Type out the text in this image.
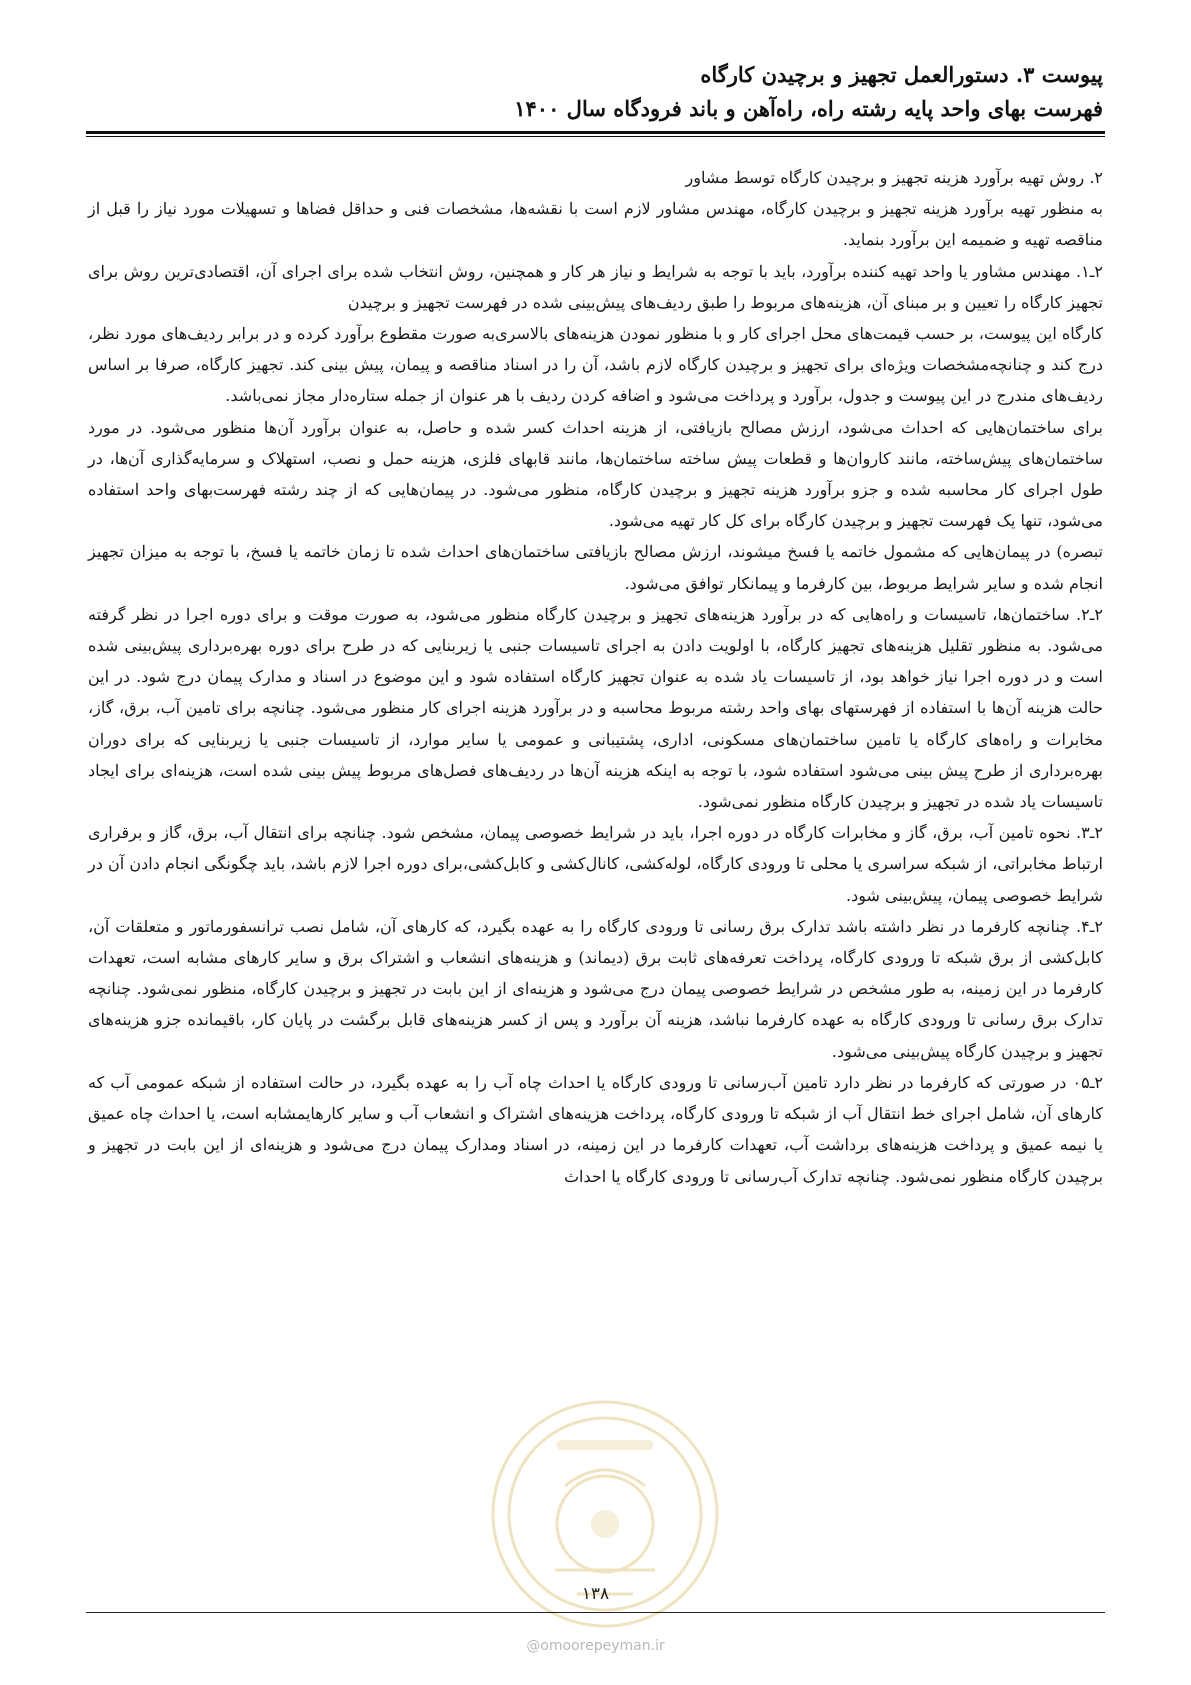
پیوست ۳. دستورالعمل تجهیز و برچیدن کارگاه
فهرست بهای واحد پایه رشته راه، راه‌آهن و باند فرودگاه سال ۱۴۰۰

۲. روش تهیه برآورد هزینه تجهیز و برچیدن کارگاه توسط مشاور

به منظور تهیه برآورد هزینه تجهیز و برچیدن کارگاه، مهندس مشاور لازم است با نقشه‌ها، مشخصات فنی و حداقل فضاها و تسهیلات مورد نیاز را قبل از مناقصه تهیه و ضمیمه این برآورد بنماید.

۲ـ۱. مهندس مشاور یا واحد تهیه کننده برآورد، باید با توجه به شرایط و نیاز هر کار و همچنین، روش انتخاب شده برای اجرای آن، اقتصادی‌ترین روش برای تجهیز کارگاه را تعیین و بر مبنای آن، هزینه‌های مربوط را طبق ردیف‌های پیش‌بینی شده در فهرست تجهیز و برچیدن

کارگاه این پیوست، بر حسب قیمت‌های محل اجرای کار و با منظور نمودن هزینه‌های بالاسری‌به صورت مقطوع برآورد کرده و در برابر ردیف‌های مورد نظر، درج کند و چنانچه‌مشخصات ویژه‌ای برای تجهیز و برچیدن کارگاه لازم باشد، آن را در اسناد مناقصه و پیمان، پیش بینی کند. تجهیز کارگاه، صرفا بر اساس ردیف‌های مندرج در این پیوست و جدول، برآورد و پرداخت می‌شود و اضافه کردن ردیف با هر عنوان از جمله ستاره‌دار مجاز نمی‌باشد.

برای ساختمان‌هایی که احداث می‌شود، ارزش مصالح بازیافتی، از هزینه احداث کسر شده و حاصل، به عنوان برآورد آن‌ها منظور می‌شود. در مورد ساختمان‌های پیش‌ساخته، مانند کاروان‌ها و قطعات پیش ساخته ساختمان‌ها، مانند قابهای فلزی، هزینه حمل و نصب، استهلاک و سرمایه‌گذاری آن‌ها، در طول اجرای کار محاسبه شده و جزو برآورد هزینه تجهیز و برچیدن کارگاه، منظور می‌شود. در پیمان‌هایی که از چند رشته فهرست‌بهای واحد استفاده می‌شود، تنها یک فهرست تجهیز و برچیدن کارگاه برای کل کار تهیه می‌شود.

تبصره) در پیمان‌هایی که مشمول خاتمه یا فسخ میشوند، ارزش مصالح بازیافتی ساختمان‌های احداث شده تا زمان خاتمه یا فسخ، با توجه به میزان تجهیز انجام شده و سایر شرایط مربوط، بین کارفرما و پیمانکار توافق می‌شود.

۲ـ۲. ساختمان‌ها، تاسیسات و راه‌هایی که در برآورد هزینه‌های تجهیز و برچیدن کارگاه منظور می‌شود، به صورت موقت و برای دوره اجرا در نظر گرفته می‌شود. به منظور تقلیل هزینه‌های تجهیز کارگاه، با اولویت دادن به اجرای تاسیسات جنبی یا زیربنایی که در طرح برای دوره بهره‌برداری پیش‌بینی شده است و در دوره اجرا نیاز خواهد بود، از تاسیسات یاد شده به عنوان تجهیز کارگاه استفاده شود و این موضوع در اسناد و مدارک پیمان درج شود. در این حالت هزینه آن‌ها با استفاده از فهرستهای بهای واحد رشته مربوط محاسبه و در برآورد هزینه اجرای کار منظور می‌شود. چنانچه برای تامین آب، برق، گاز، مخابرات و راه‌های کارگاه یا تامین ساختمان‌های مسکونی، اداری، پشتیبانی و عمومی یا سایر موارد، از تاسیسات جنبی یا زیربنایی که برای دوران بهره‌برداری از طرح پیش بینی می‌شود استفاده شود، با توجه به اینکه هزینه آن‌ها در ردیف‌های فصل‌های مربوط پیش بینی شده است، هزینه‌ای برای ایجاد تاسیسات یاد شده در تجهیز و برچیدن کارگاه منظور نمی‌شود.

۲ـ۳. نحوه تامین آب، برق، گاز و مخابرات کارگاه در دوره اجرا، باید در شرایط خصوصی پیمان، مشخص شود. چنانچه برای انتقال آب، برق، گاز و برقراری ارتباط مخابراتی، از شبکه سراسری یا محلی تا ورودی کارگاه، لوله‌کشی، کانال‌کشی و کابل‌کشی،برای دوره اجرا لازم باشد، باید چگونگی انجام دادن آن در شرایط خصوصی پیمان، پیش‌بینی شود.

۲ـ۴. چنانچه کارفرما در نظر داشته باشد تدارک برق رسانی تا ورودی کارگاه را به عهده بگیرد، که کارهای آن، شامل نصب ترانسفورماتور و متعلقات آن، کابل‌کشی از برق شبکه تا ورودی کارگاه، پرداخت تعرفه‌های ثابت برق (دیماند) و هزینه‌های انشعاب و اشتراک برق و سایر کارهای مشابه است، تعهدات کارفرما در این زمینه، به طور مشخص در شرایط خصوصی پیمان درج می‌شود و هزینه‌ای از این بابت در تجهیز و برچیدن کارگاه، منظور نمی‌شود. چنانچه تدارک برق رسانی تا ورودی کارگاه به عهده کارفرما نباشد، هزینه آن برآورد و پس از کسر هزینه‌های قابل برگشت در پایان کار، باقیمانده جزو هزینه‌های تجهیز و برچیدن کارگاه پیش‌بینی می‌شود.

۲ـ۰۵ در صورتی که کارفرما در نظر دارد تامین آب‌رسانی تا ورودی کارگاه یا احداث چاه آب را به عهده بگیرد، در حالت استفاده از شبکه عمومی آب که کارهای آن، شامل اجرای خط انتقال آب از شبکه تا ورودی کارگاه، پرداخت هزینه‌های اشتراک و انشعاب آب و سایر کارهایمشابه است، یا احداث چاه عمیق یا نیمه عمیق و پرداخت هزینه‌های برداشت آب، تعهدات کارفرما در این زمینه، در اسناد ومدارک پیمان درج می‌شود و هزینه‌ای از این بابت در تجهیز و برچیدن کارگاه منظور نمی‌شود. چنانچه تدارک آب‌رسانی تا ورودی کارگاه یا احداث

۱۳۸
@omoorepeyman.ir
